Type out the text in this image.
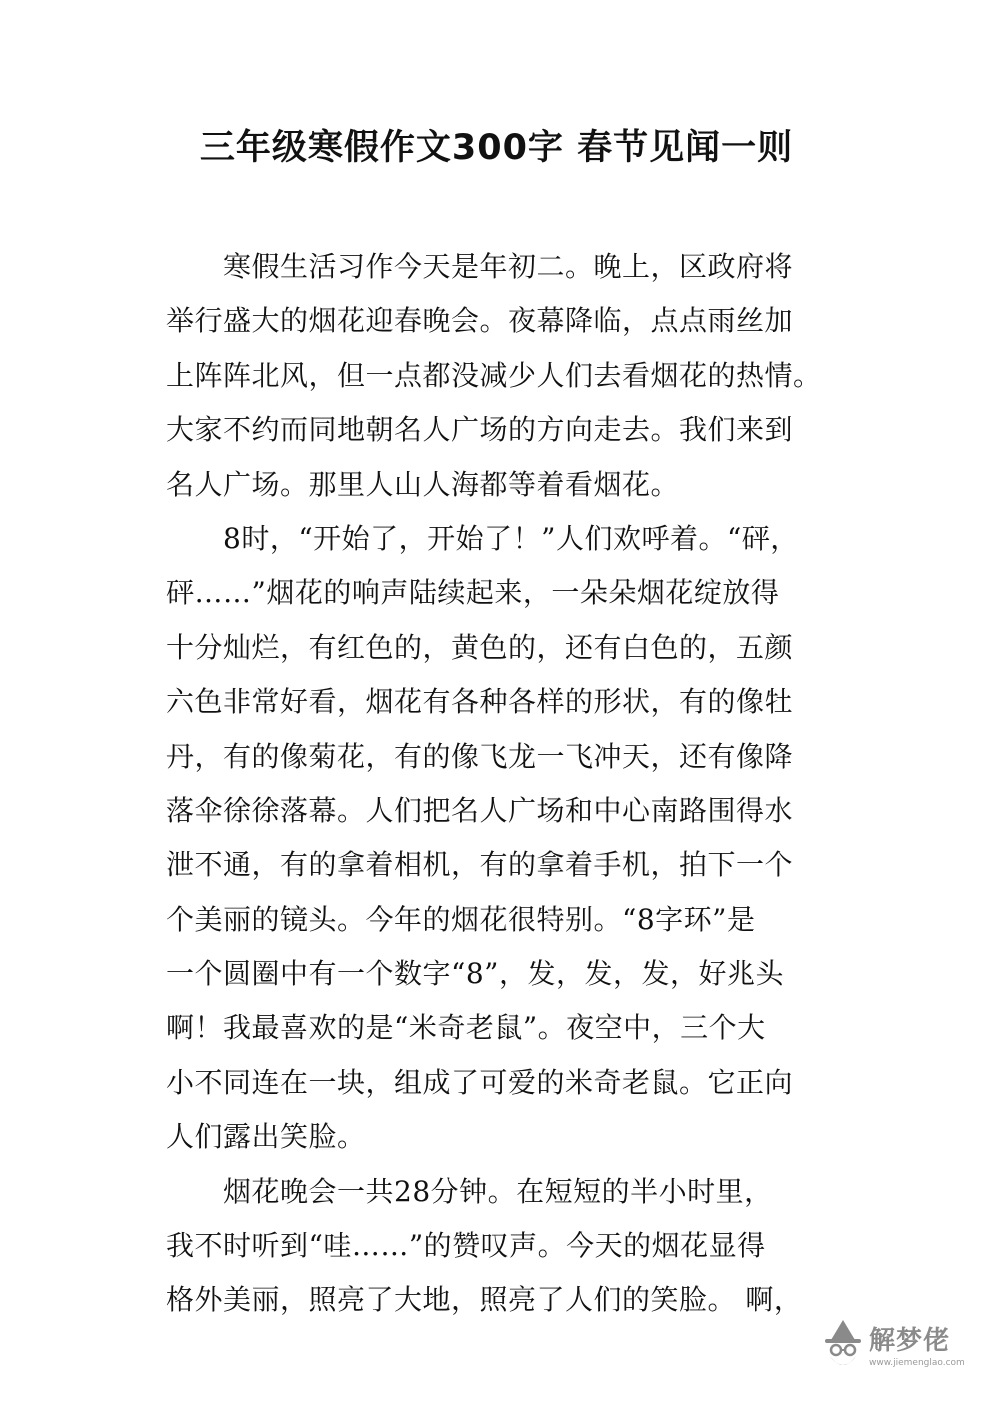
三年级寒假作文300字 春节见闻一则
　　寒假生活习作今天是年初二。晚上，区政府将
举行盛大的烟花迎春晚会。夜幕降临，点点雨丝加
上阵阵北风，但一点都没减少人们去看烟花的热情。
大家不约而同地朝名人广场的方向走去。我们来到
名人广场。那里人山人海都等着看烟花。
　　8时，“开始了，开始了！”人们欢呼着。“砰，
砰……”烟花的响声陆续起来，一朵朵烟花绽放得
十分灿烂，有红色的，黄色的，还有白色的，五颜
六色非常好看，烟花有各种各样的形状，有的像牡
丹，有的像菊花，有的像飞龙一飞冲天，还有像降
落伞徐徐落幕。人们把名人广场和中心南路围得水
泄不通，有的拿着相机，有的拿着手机，拍下一个
个美丽的镜头。今年的烟花很特别。“8字环”是
一个圆圈中有一个数字“8”，发，发，发，好兆头
啊！我最喜欢的是“米奇老鼠”。夜空中，三个大
小不同连在一块，组成了可爱的米奇老鼠。它正向
人们露出笑脸。
　　烟花晚会一共28分钟。在短短的半小时里，
我不时听到“哇……”的赞叹声。今天的烟花显得
格外美丽，照亮了大地，照亮了人们的笑脸。 啊，
解梦佬
www.jiemenglao.com
